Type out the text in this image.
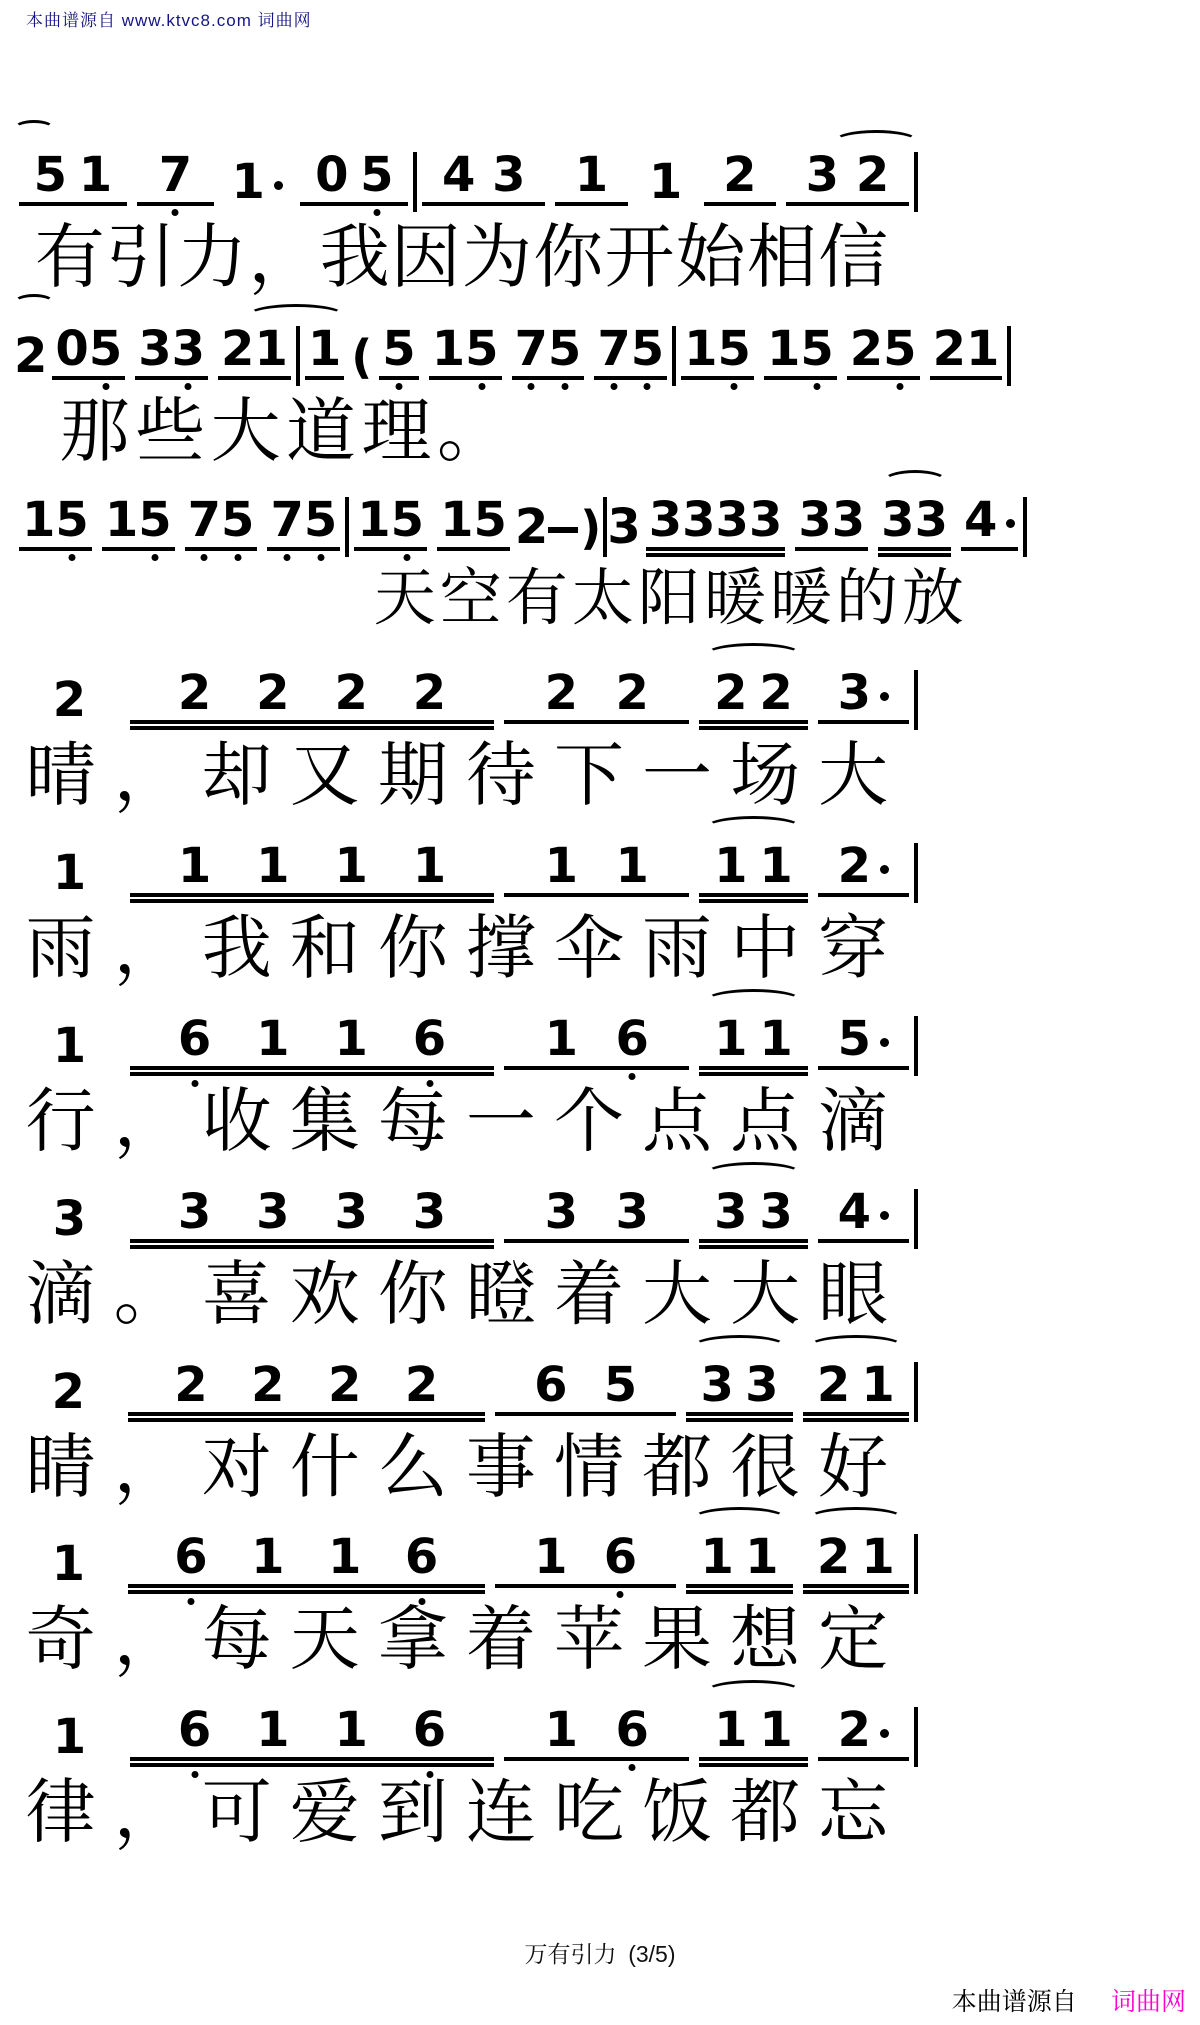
本曲谱源自 www.ktvc8.com 词曲网
5 1 7 1	0 5 4 3 1 1 2 3 2
有 引 力 ， 我 因 为 你 开 始 相 信
2 0 5 3 3 2 1 1 ( 5 1 5 7 5 7 5 1 5 1 5 2 5 2 1
那 些 大 道 理 。
1 5 1 5 7 5 7 5 1 5 1 5 2 ) 3 3 3 3 3 3 3 3 3 4
天 空 有 太 阳 暖 暖 的 放
2 2 2 2 2 2 2 2 2 3
晴 ， 却 又 期 待 下 一 场 大
1 1 1 1 1 1 1 1 1 2
雨 ， 我 和 你 撑 伞 雨 中 穿
1 6 1 1 6 1 6 1 1 5
行 ， 收 集 每 一 个 点 点 滴
3 3 3 3 3 3 3 3 3 4
滴 。 喜 欢 你 瞪 着 大 大 眼
2 2 2 2 2 6 5 3 3 2 1
睛 ， 对 什 么 事 情 都 很 好
1 6 1 1 6 1 6 1 1 2 1
奇 ， 每 天 拿 着 苹 果 想 定
1 6 1 1 6 1 6 1 1 2
律 ， 可 爱 到 连 吃 饭 都 忘
万有引力 (3/5)
本曲谱源自 词曲网
